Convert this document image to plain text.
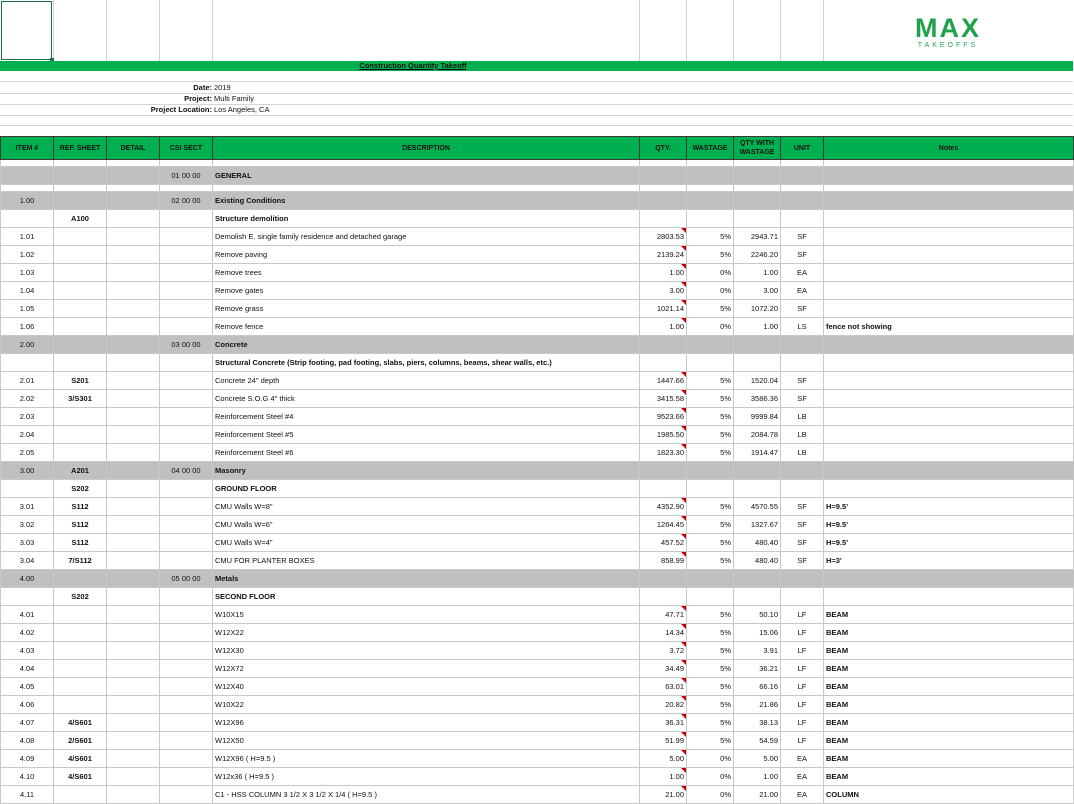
MAX
TAKEOFFS
Construction Quantity Takeoff
Date: 2019
Project: Multi Family
Project Location: Los Angeles, CA
ITEM #	REF. SHEET	DETAIL	CSI SECT	DESCRIPTION	QTY.	WASTAGE	QTY WITH WASTAGE	UNIT	Notes

			01 00 00	GENERAL					

1.00			02 00 00	Existing Conditions					
	A100			Structure demolition					
1.01				Demolish E. single family residence and detached garage	2803.53	5%	2943.71	SF	
1.02				Remove paving	2139.24	5%	2246.20	SF	
1.03				Remove trees	1.00	0%	1.00	EA	
1.04				Remove gates	3.00	0%	3.00	EA	
1.05				Remove grass	1021.14	5%	1072.20	SF	
1.06				Remove fence	1.00	0%	1.00	LS	fence not showing
2.00			03 00 00	Concrete					
				Structural Concrete (Strip footing, pad footing, slabs, piers, columns, beams, shear walls, etc.)					
2.01	S201			Concrete 24" depth	1447.66	5%	1520.04	SF	
2.02	3/S301			Concrete S.O.G 4" thick	3415.58	5%	3586.36	SF	
2.03				Reinforcement Steel #4	9523.66	5%	9999.84	LB	
2.04				Reinforcement Steel #5	1985.50	5%	2084.78	LB	
2.05				Reinforcement Steel #6	1823.30	5%	1914.47	LB	
3.00	A201		04 00 00	Masonry					
	S202			GROUND FLOOR					
3.01	S112			CMU Walls W=8"	4352.90	5%	4570.55	SF	H=9.5'
3.02	S112			CMU Walls W=6"	1264.45	5%	1327.67	SF	H=9.5'
3.03	S112			CMU Walls W=4"	457.52	5%	480.40	SF	H=9.5'
3.04	7/S112			CMU FOR PLANTER BOXES	858.99	5%	480.40	SF	H=3'
4.00			05 00 00	Metals					
	S202			SECOND FLOOR					
4.01				W10X15	47.71	5%	50.10	LF	BEAM
4.02				W12X22	14.34	5%	15.06	LF	BEAM
4.03				W12X30	3.72	5%	3.91	LF	BEAM
4.04				W12X72	34.49	5%	36.21	LF	BEAM
4.05				W12X40	63.01	5%	66.16	LF	BEAM
4.06				W10X22	20.82	5%	21.86	LF	BEAM
4.07	4/S601			W12X96	36.31	5%	38.13	LF	BEAM
4.08	2/S601			W12X50	51.99	5%	54.59	LF	BEAM
4.09	4/S601			W12X96 ( H=9.5 )	5.00	0%	5.00	EA	BEAM
4.10	4/S601			W12x36 ( H=9.5 )	1.00	0%	1.00	EA	BEAM
4.11				C1 - HSS COLUMN 3 1/2 X 3 1/2 X 1/4 ( H=9.5 )	21.00	0%	21.00	EA	COLUMN
